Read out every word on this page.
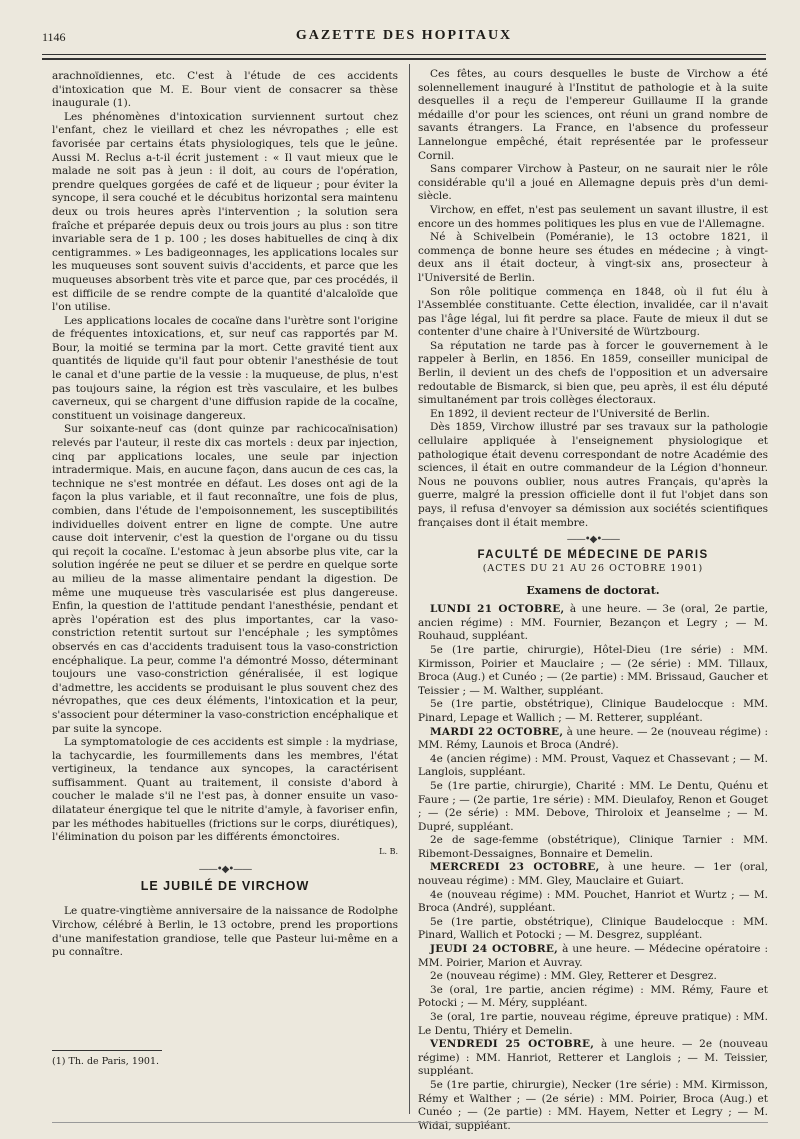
1146	GAZETTE DES HOPITAUX

arachnoïdiennes, etc. C'est à l'étude de ces accidents d'intoxication que M. E. Bour vient de consacrer sa thèse inaugurale (1).

Les phénomènes d'intoxication surviennent surtout chez l'enfant, chez le vieillard et chez les névropathes ; elle est favorisée par certains états physiologiques, tels que le jeûne. Aussi M. Reclus a-t-il écrit justement : « Il vaut mieux que le malade ne soit pas à jeun : il doit, au cours de l'opération, prendre quelques gorgées de café et de liqueur ; pour éviter la syncope, il sera couché et le décubitus horizontal sera maintenu deux ou trois heures après l'intervention ; la solution sera fraîche et préparée depuis deux ou trois jours au plus : son titre invariable sera de 1 p. 100 ; les doses habituelles de cinq à dix centigrammes. » Les badigeonnages, les applications locales sur les muqueuses sont souvent suivis d'accidents, et parce que les muqueuses absorbent très vite et parce que, par ces procédés, il est difficile de se rendre compte de la quantité d'alcaloïde que l'on utilise.

Les applications locales de cocaïne dans l'urètre sont l'origine de fréquentes intoxications, et, sur neuf cas rapportés par M. Bour, la moitié se termina par la mort. Cette gravité tient aux quantités de liquide qu'il faut pour obtenir l'anesthésie de tout le canal et d'une partie de la vessie : la muqueuse, de plus, n'est pas toujours saine, la région est très vasculaire, et les bulbes caverneux, qui se chargent d'une diffusion rapide de la cocaïne, constituent un voisinage dangereux.

Sur soixante-neuf cas (dont quinze par rachicocaïnisation) relevés par l'auteur, il reste dix cas mortels : deux par injection, cinq par applications locales, une seule par injection intradermique. Mais, en aucune façon, dans aucun de ces cas, la technique ne s'est montrée en défaut. Les doses ont agi de la façon la plus variable, et il faut reconnaître, une fois de plus, combien, dans l'étude de l'empoisonnement, les susceptibilités individuelles doivent entrer en ligne de compte. Une autre cause doit intervenir, c'est la question de l'organe ou du tissu qui reçoit la cocaïne. L'estomac à jeun absorbe plus vite, car la solution ingérée ne peut se diluer et se perdre en quelque sorte au milieu de la masse alimentaire pendant la digestion. De même une muqueuse très vascularisée est plus dangereuse. Enfin, la question de l'attitude pendant l'anesthésie, pendant et après l'opération est des plus importantes, car la vaso-constriction retentit surtout sur l'encéphale ; les symptômes observés en cas d'accidents traduisent tous la vaso-constriction encéphalique. La peur, comme l'a démontré Mosso, déterminant toujours une vaso-constriction généralisée, il est logique d'admettre, les accidents se produisant le plus souvent chez des névropathes, que ces deux éléments, l'intoxication et la peur, s'associent pour déterminer la vaso-constriction encéphalique et par suite la syncope.

La symptomatologie de ces accidents est simple : la mydriase, la tachycardie, les fourmillements dans les membres, l'état vertigineux, la tendance aux syncopes, la caractérisent suffisamment. Quant au traitement, il consiste d'abord à coucher le malade s'il ne l'est pas, à donner ensuite un vaso-dilatateur énergique tel que le nitrite d'amyle, à favoriser enfin, par les méthodes habituelles (frictions sur le corps, diurétiques), l'élimination du poison par les différents émonctoires.

L. B.

——•◆•——
LE JUBILÉ DE VIRCHOW

Le quatre-vingtième anniversaire de la naissance de Rodolphe Virchow, célébré à Berlin, le 13 octobre, prend les proportions d'une manifestation grandiose, telle que Pasteur lui-même en a pu connaître.

(1) Th. de Paris, 1901.

Ces fêtes, au cours desquelles le buste de Virchow a été solennellement inauguré à l'Institut de pathologie et à la suite desquelles il a reçu de l'empereur Guillaume II la grande médaille d'or pour les sciences, ont réuni un grand nombre de savants étrangers. La France, en l'absence du professeur Lannelongue empêché, était représentée par le professeur Cornil.

Sans comparer Virchow à Pasteur, on ne saurait nier le rôle considérable qu'il a joué en Allemagne depuis près d'un demi-siècle.

Virchow, en effet, n'est pas seulement un savant illustre, il est encore un des hommes politiques les plus en vue de l'Allemagne.

Né à Schivelbein (Poméranie), le 13 octobre 1821, il commença de bonne heure ses études en médecine ; à vingt-deux ans il était docteur, à vingt-six ans, prosecteur à l'Université de Berlin.

Son rôle politique commença en 1848, où il fut élu à l'Assemblée constituante. Cette élection, invalidée, car il n'avait pas l'âge légal, lui fit perdre sa place. Faute de mieux il dut se contenter d'une chaire à l'Université de Würtzbourg.

Sa réputation ne tarde pas à forcer le gouvernement à le rappeler à Berlin, en 1856. En 1859, conseiller municipal de Berlin, il devient un des chefs de l'opposition et un adversaire redoutable de Bismarck, si bien que, peu après, il est élu député simultanément par trois collèges électoraux.

En 1892, il devient recteur de l'Université de Berlin.

Dès 1859, Virchow illustré par ses travaux sur la pathologie cellulaire appliquée à l'enseignement physiologique et pathologique était devenu correspondant de notre Académie des sciences, il était en outre commandeur de la Légion d'honneur. Nous ne pouvons oublier, nous autres Français, qu'après la guerre, malgré la pression officielle dont il fut l'objet dans son pays, il refusa d'envoyer sa démission aux sociétés scientifiques françaises dont il était membre.

——•◆•——
FACULTÉ DE MÉDECINE DE PARIS
(ACTES DU 21 AU 26 OCTOBRE 1901)
Examens de doctorat.

LUNDI 21 OCTOBRE, à une heure. — 3e (oral, 2e partie, ancien régime) : MM. Fournier, Bezançon et Legry ; — M. Rouhaud, suppléant.

5e (1re partie, chirurgie), Hôtel-Dieu (1re série) : MM. Kirmisson, Poirier et Mauclaire ; — (2e série) : MM. Tillaux, Broca (Aug.) et Cunéo ; — (2e partie) : MM. Brissaud, Gaucher et Teissier ; — M. Walther, suppléant.

5e (1re partie, obstétrique), Clinique Baudelocque : MM. Pinard, Lepage et Wallich ; — M. Retterer, suppléant.

MARDI 22 OCTOBRE, à une heure. — 2e (nouveau régime) : MM. Rémy, Launois et Broca (André).

4e (ancien régime) : MM. Proust, Vaquez et Chassevant ; — M. Langlois, suppléant.

5e (1re partie, chirurgie), Charité : MM. Le Dentu, Quénu et Faure ; — (2e partie, 1re série) : MM. Dieulafoy, Renon et Gouget ; — (2e série) : MM. Debove, Thiroloix et Jeanselme ; — M. Dupré, suppléant.

2e de sage-femme (obstétrique), Clinique Tarnier : MM. Ribemont-Dessaignes, Bonnaire et Demelin.

MERCREDI 23 OCTOBRE, à une heure. — 1er (oral, nouveau régime) : MM. Gley, Mauclaire et Guiart.

4e (nouveau régime) : MM. Pouchet, Hanriot et Wurtz ; — M. Broca (André), suppléant.

5e (1re partie, obstétrique), Clinique Baudelocque : MM. Pinard, Wallich et Potocki ; — M. Desgrez, suppléant.

JEUDI 24 OCTOBRE, à une heure. — Médecine opératoire : MM. Poirier, Marion et Auvray.

2e (nouveau régime) : MM. Gley, Retterer et Desgrez.

3e (oral, 1re partie, ancien régime) : MM. Rémy, Faure et Potocki ; — M. Méry, suppléant.

3e (oral, 1re partie, nouveau régime, épreuve pratique) : MM. Le Dentu, Thiéry et Demelin.

VENDREDI 25 OCTOBRE, à une heure. — 2e (nouveau régime) : MM. Hanriot, Retterer et Langlois ; — M. Teissier, suppléant.

5e (1re partie, chirurgie), Necker (1re série) : MM. Kirmisson, Rémy et Walther ; — (2e série) : MM. Poirier, Broca (Aug.) et Cunéo ; — (2e partie) : MM. Hayem, Netter et Legry ; — M. Widal, suppléant.
